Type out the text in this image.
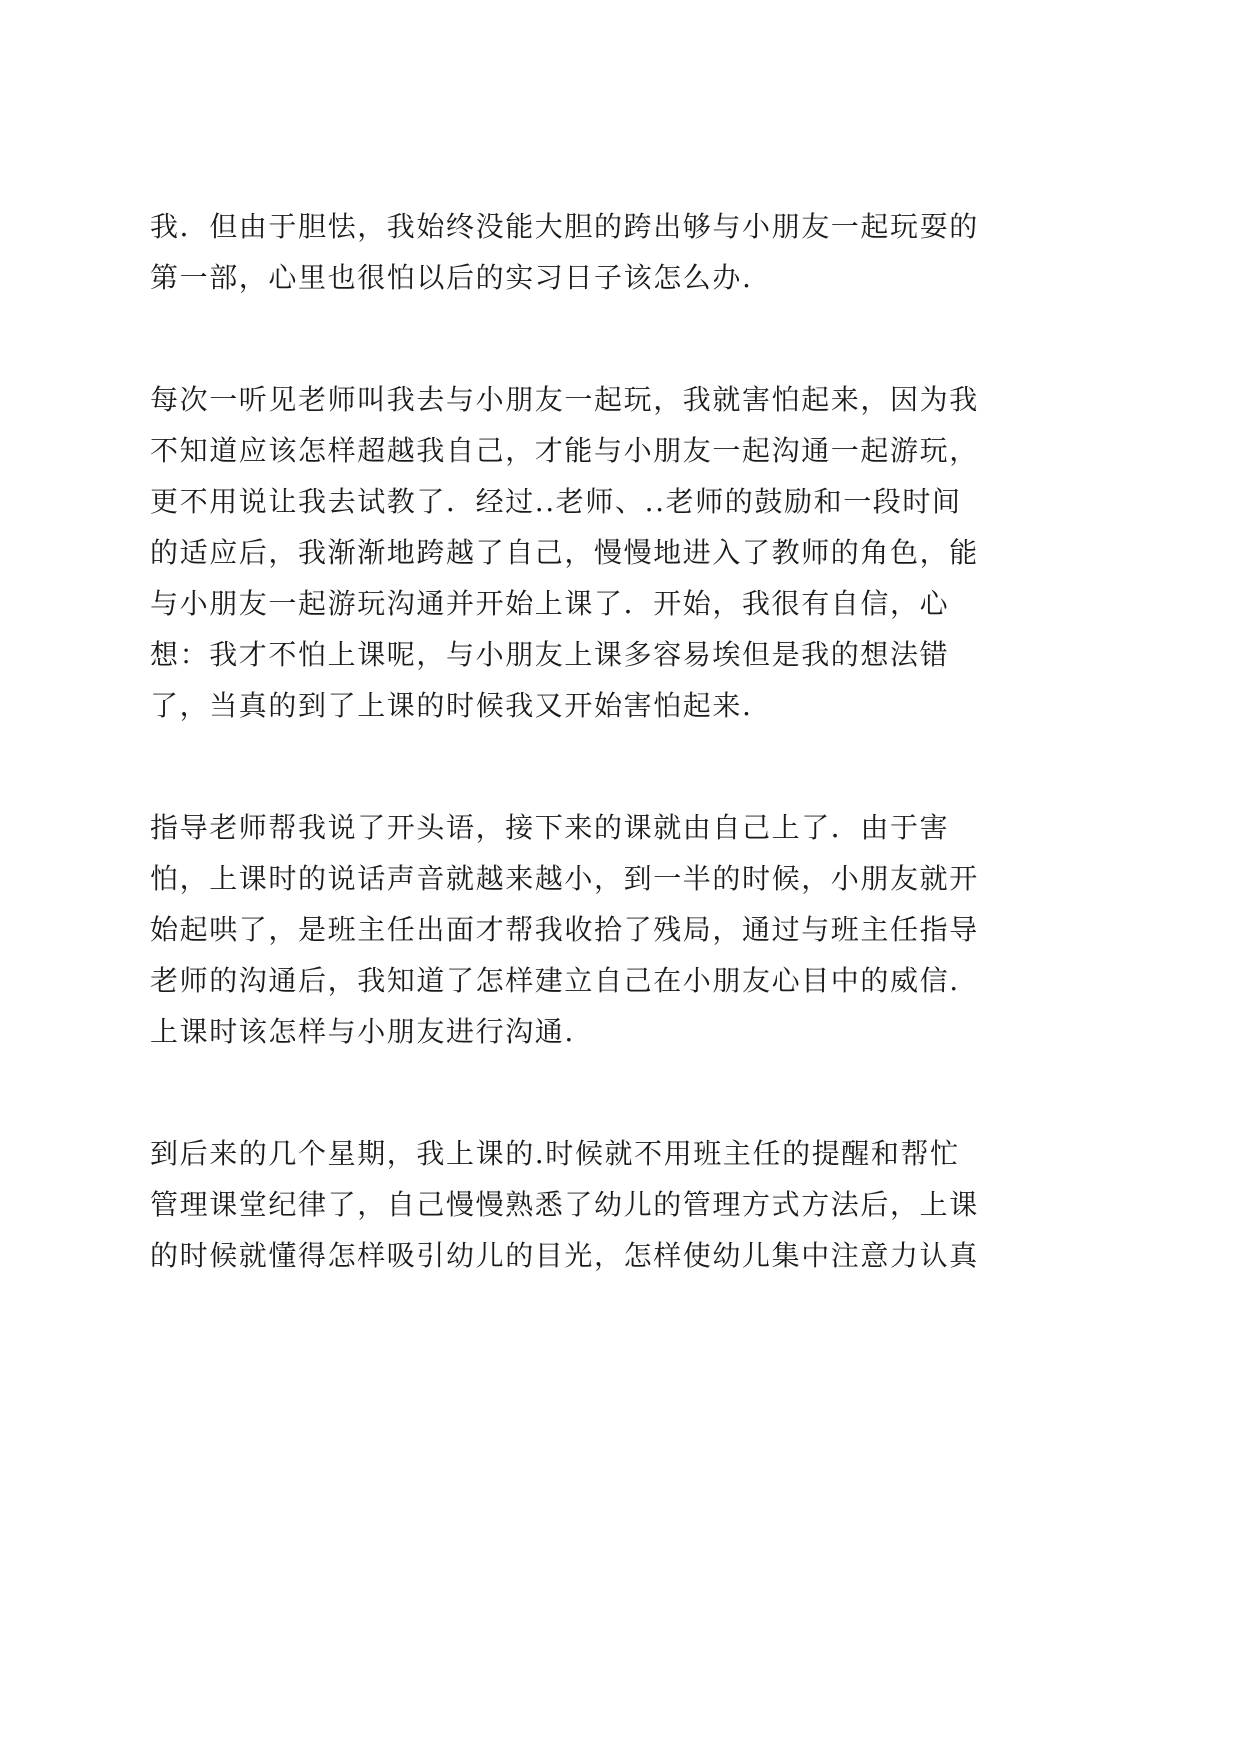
我．但由于胆怯，我始终没能大胆的跨出够与小朋友一起玩耍的
第一部，心里也很怕以后的实习日子该怎么办.
每次一听见老师叫我去与小朋友一起玩，我就害怕起来，因为我
不知道应该怎样超越我自己，才能与小朋友一起沟通一起游玩，
更不用说让我去试教了．经过..老师、..老师的鼓励和一段时间
的适应后，我渐渐地跨越了自己，慢慢地进入了教师的角色，能
与小朋友一起游玩沟通并开始上课了．开始，我很有自信，心
想：我才不怕上课呢，与小朋友上课多容易埃但是我的想法错
了，当真的到了上课的时候我又开始害怕起来.
指导老师帮我说了开头语，接下来的课就由自己上了．由于害
怕，上课时的说话声音就越来越小，到一半的时候，小朋友就开
始起哄了，是班主任出面才帮我收拾了残局，通过与班主任指导
老师的沟通后，我知道了怎样建立自己在小朋友心目中的威信.
上课时该怎样与小朋友进行沟通.
到后来的几个星期，我上课的.时候就不用班主任的提醒和帮忙
管理课堂纪律了，自己慢慢熟悉了幼儿的管理方式方法后，上课
的时候就懂得怎样吸引幼儿的目光，怎样使幼儿集中注意力认真
